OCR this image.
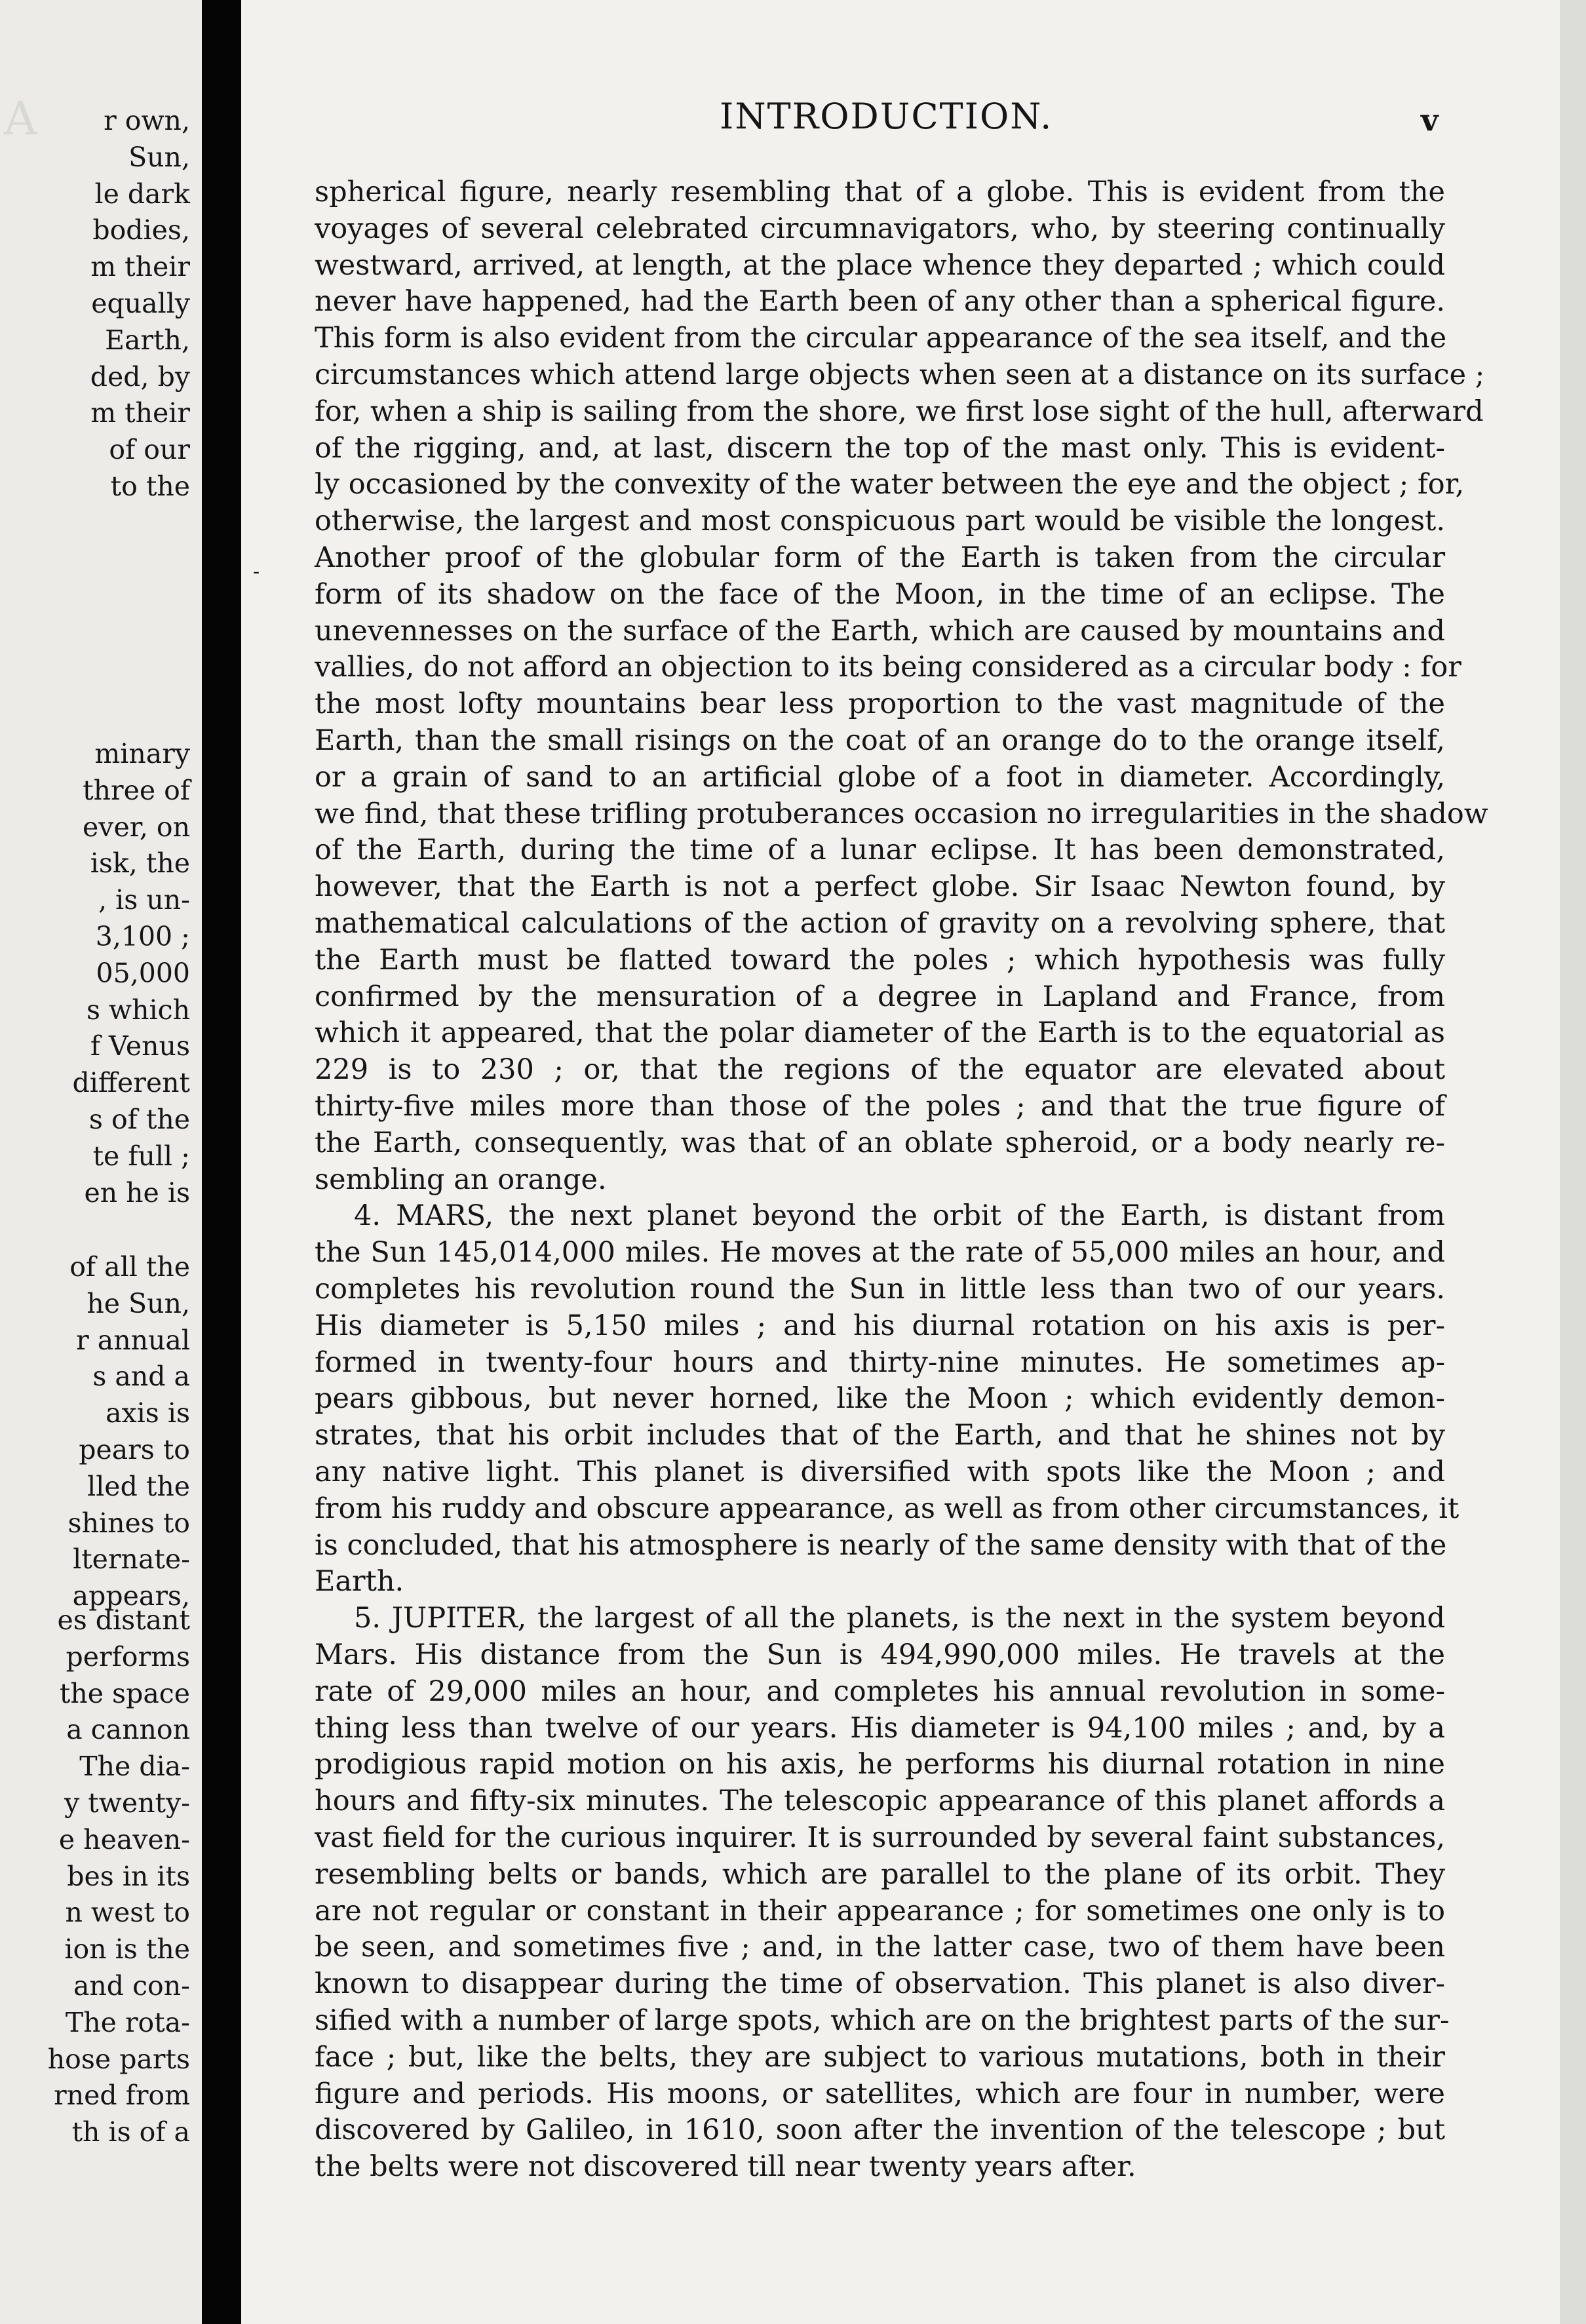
A r own,
Sun,
le dark
bodies,
m their
equally
Earth,
ded, by
m their
of our
to the
minary
three of
ever, on
isk, the
, is un-
3,100 ;
05,000
s which
f Venus
different
s of the
te full ;
en he is
of all the
he Sun,
r annual
s and a
axis is
pears to
lled the
shines to
lternate-
appears,
es distant
performs
the space
a cannon
The dia-
y twenty-
e heaven-
bes in its
n west to
ion is the
and con-
The rota-
hose parts
rned from
th is of a
INTRODUCTION.	v
-
spherical figure, nearly resembling that of a globe. This is evident from the
voyages of several celebrated circumnavigators, who, by steering continually
westward, arrived, at length, at the place whence they departed ; which could
never have happened, had the Earth been of any other than a spherical figure.
This form is also evident from the circular appearance of the sea itself, and the
circumstances which attend large objects when seen at a distance on its surface ;
for, when a ship is sailing from the shore, we first lose sight of the hull, afterward
of the rigging, and, at last, discern the top of the mast only. This is evident-
ly occasioned by the convexity of the water between the eye and the object ; for,
otherwise, the largest and most conspicuous part would be visible the longest.
Another proof of the globular form of the Earth is taken from the circular
form of its shadow on the face of the Moon, in the time of an eclipse. The
unevennesses on the surface of the Earth, which are caused by mountains and
vallies, do not afford an objection to its being considered as a circular body : for
the most lofty mountains bear less proportion to the vast magnitude of the
Earth, than the small risings on the coat of an orange do to the orange itself,
or a grain of sand to an artificial globe of a foot in diameter. Accordingly,
we find, that these trifling protuberances occasion no irregularities in the shadow
of the Earth, during the time of a lunar eclipse. It has been demonstrated,
however, that the Earth is not a perfect globe. Sir Isaac Newton found, by
mathematical calculations of the action of gravity on a revolving sphere, that
the Earth must be flatted toward the poles ; which hypothesis was fully
confirmed by the mensuration of a degree in Lapland and France, from
which it appeared, that the polar diameter of the Earth is to the equatorial as
229 is to 230 ; or, that the regions of the equator are elevated about
thirty-five miles more than those of the poles ; and that the true figure of
the Earth, consequently, was that of an oblate spheroid, or a body nearly re-
sembling an orange.
4. MARS, the next planet beyond the orbit of the Earth, is distant from
the Sun 145,014,000 miles. He moves at the rate of 55,000 miles an hour, and
completes his revolution round the Sun in little less than two of our years.
His diameter is 5,150 miles ; and his diurnal rotation on his axis is per-
formed in twenty-four hours and thirty-nine minutes. He sometimes ap-
pears gibbous, but never horned, like the Moon ; which evidently demon-
strates, that his orbit includes that of the Earth, and that he shines not by
any native light. This planet is diversified with spots like the Moon ; and
from his ruddy and obscure appearance, as well as from other circumstances, it
is concluded, that his atmosphere is nearly of the same density with that of the
Earth.
5. JUPITER, the largest of all the planets, is the next in the system beyond
Mars. His distance from the Sun is 494,990,000 miles. He travels at the
rate of 29,000 miles an hour, and completes his annual revolution in some-
thing less than twelve of our years. His diameter is 94,100 miles ; and, by a
prodigious rapid motion on his axis, he performs his diurnal rotation in nine
hours and fifty-six minutes. The telescopic appearance of this planet affords a
vast field for the curious inquirer. It is surrounded by several faint substances,
resembling belts or bands, which are parallel to the plane of its orbit. They
are not regular or constant in their appearance ; for sometimes one only is to
be seen, and sometimes five ; and, in the latter case, two of them have been
known to disappear during the time of observation. This planet is also diver-
sified with a number of large spots, which are on the brightest parts of the sur-
face ; but, like the belts, they are subject to various mutations, both in their
figure and periods. His moons, or satellites, which are four in number, were
discovered by Galileo, in 1610, soon after the invention of the telescope ; but
the belts were not discovered till near twenty years after.
